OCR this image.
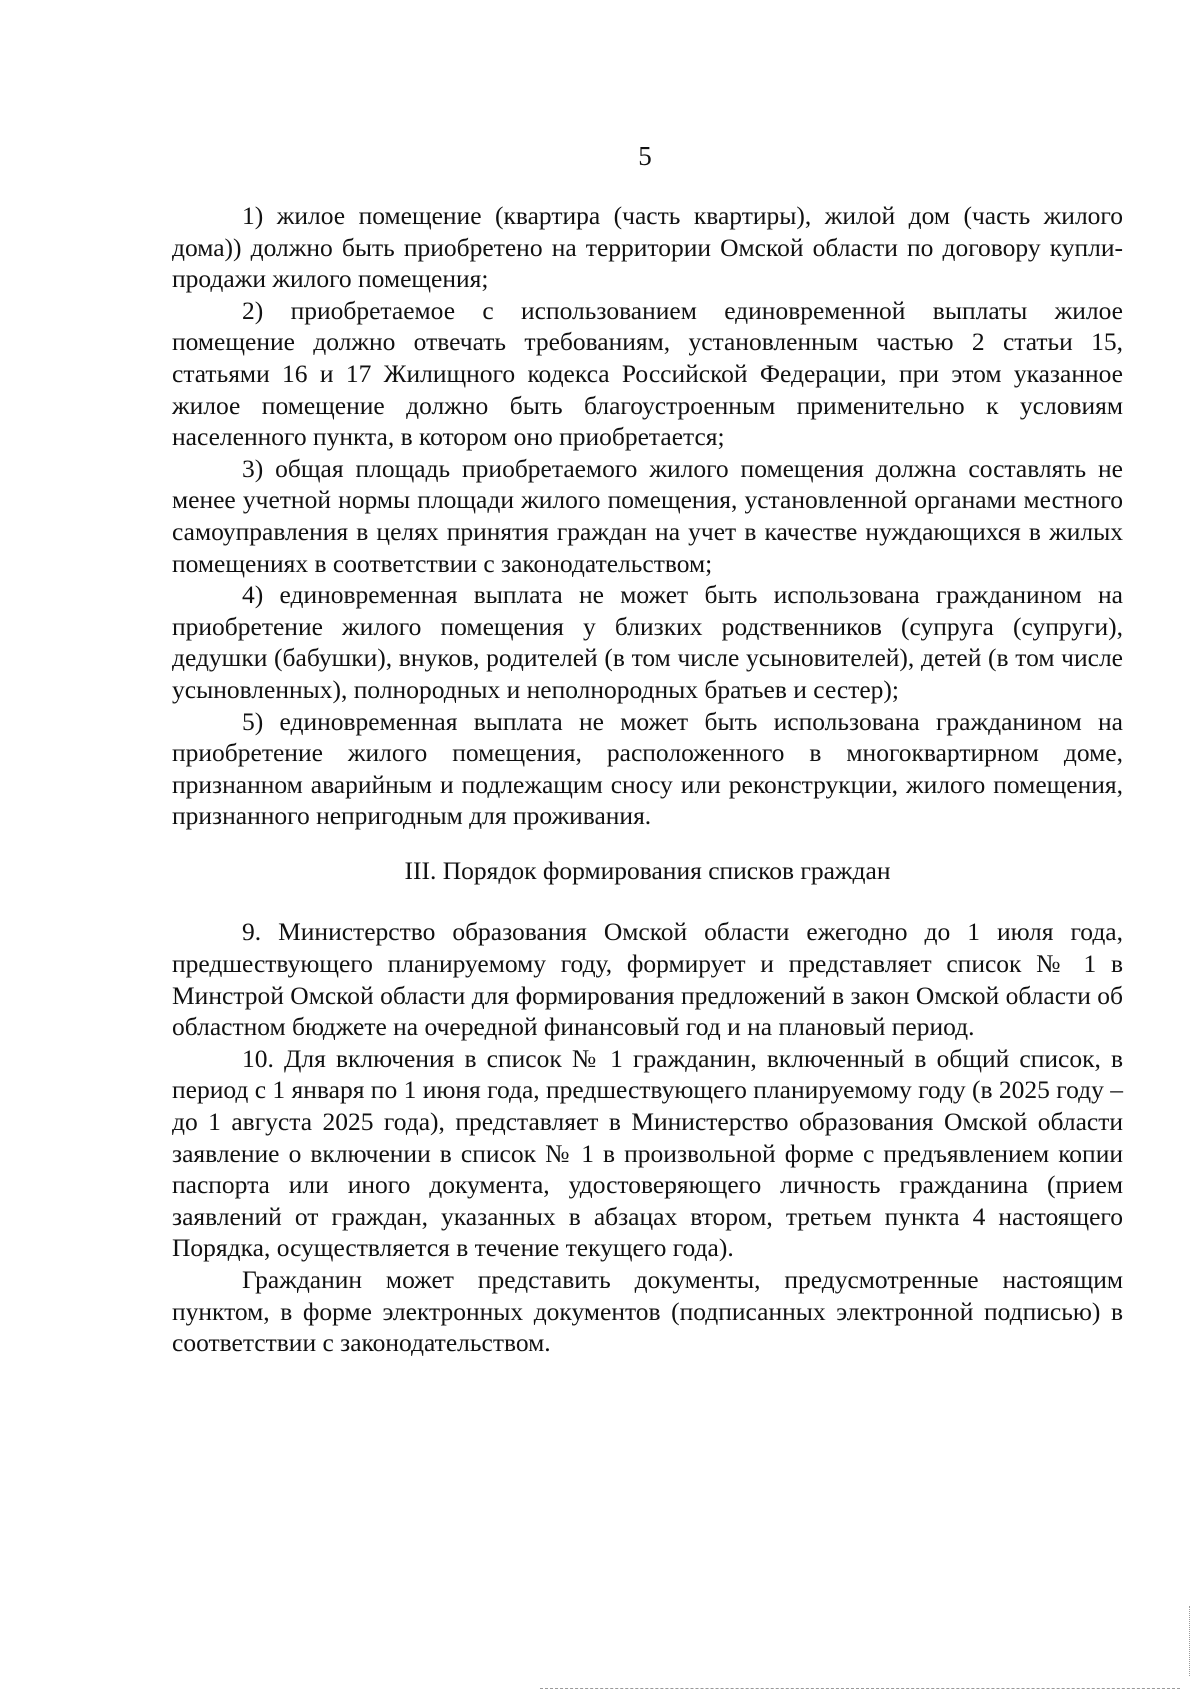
5

1) жилое помещение (квартира (часть квартиры), жилой дом (часть жилого дома)) должно быть приобретено на территории Омской области по договору купли-продажи жилого помещения;

2) приобретаемое с использованием единовременной выплаты жилое помещение должно отвечать требованиям, установленным частью 2 статьи 15, статьями 16 и 17 Жилищного кодекса Российской Федерации, при этом указанное жилое помещение должно быть благоустроенным применительно к условиям населенного пункта, в котором оно приобретается;

3) общая площадь приобретаемого жилого помещения должна составлять не менее учетной нормы площади жилого помещения, установленной органами местного самоуправления в целях принятия граждан на учет в качестве нуждающихся в жилых помещениях в соответствии с законодательством;

4) единовременная выплата не может быть использована гражданином на приобретение жилого помещения у близких родственников (супруга (супруги), дедушки (бабушки), внуков, родителей (в том числе усыновителей), детей (в том числе усыновленных), полнородных и неполнородных братьев и сестер);

5) единовременная выплата не может быть использована гражданином на приобретение жилого помещения, расположенного в многоквартирном доме, признанном аварийным и подлежащим сносу или реконструкции, жилого помещения, признанного непригодным для проживания.

III. Порядок формирования списков граждан

9. Министерство образования Омской области ежегодно до 1 июля года, предшествующего планируемому году, формирует и представляет список № 1 в Минстрой Омской области для формирования предложений в закон Омской области об областном бюджете на очередной финансовый год и на плановый период.

10. Для включения в список № 1 гражданин, включенный в общий список, в период с 1 января по 1 июня года, предшествующего планируемому году (в 2025 году – до 1 августа 2025 года), представляет в Министерство образования Омской области заявление о включении в список № 1 в произвольной форме с предъявлением копии паспорта или иного документа, удостоверяющего личность гражданина (прием заявлений от граждан, указанных в абзацах втором, третьем пункта 4 настоящего Порядка, осуществляется в течение текущего года).

Гражданин может представить документы, предусмотренные настоящим пунктом, в форме электронных документов (подписанных электронной подписью) в соответствии с законодательством.
